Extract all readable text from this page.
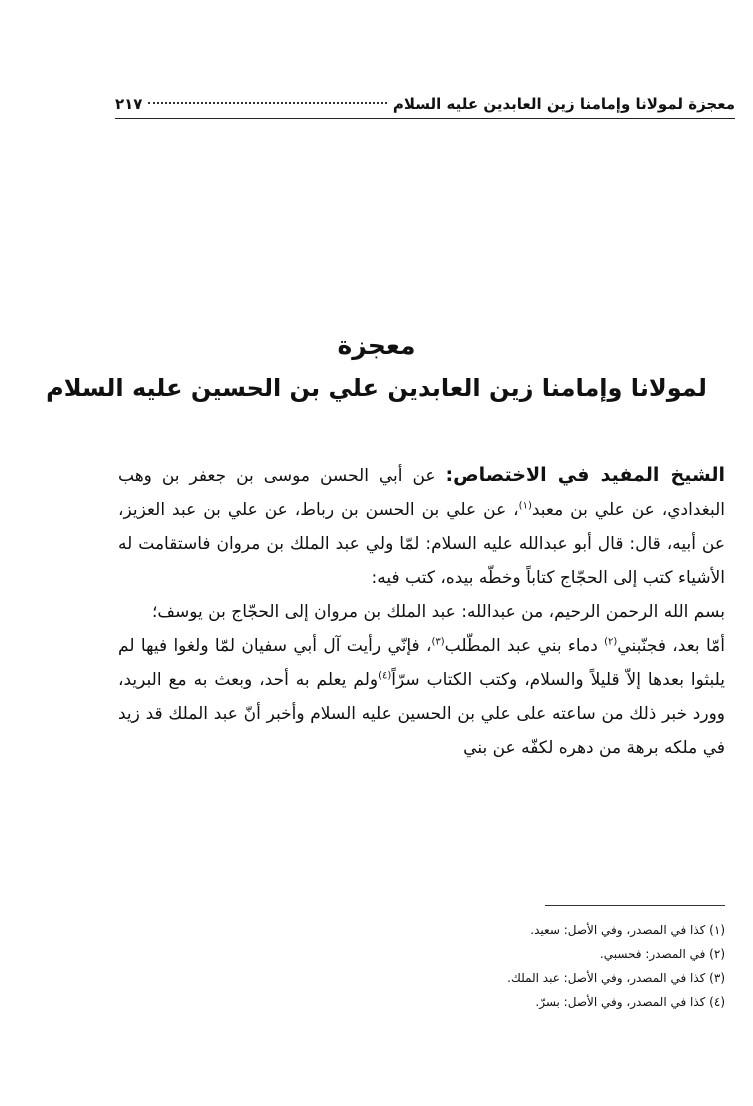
معجزة لمولانا وإمامنا زين العابدين عليه السلام
٢١٧
معجزة
لمولانا وإمامنا زين العابدين علي بن الحسين عليه السلام

الشيخ المفيد في الاختصاص: عن أبي الحسن موسى بن جعفر بن وهب البغدادي، عن علي بن معبد$^{(١)}$، عن علي بن الحسن بن رباط، عن علي بن عبد العزيز، عن أبيه، قال: قال أبو عبدالله عليه السلام: لمّا ولي عبد الملك بن مروان فاستقامت له الأشياء كتب إلى الحجّاج كتاباً وخطّه بيده، كتب فيه:

بسم الله الرحمن الرحيم، من عبدالله: عبد الملك بن مروان إلى الحجّاج بن يوسف؛

أمّا بعد، فجنّبني$^{(٢)}$ دماء بني عبد المطّلب$^{(٣)}$، فإنّي رأيت آل أبي سفيان لمّا ولغوا فيها لم يلبثوا بعدها إلاّ قليلاً والسلام، وكتب الكتاب سرّاً$^{(٤)}$ولم يعلم به أحد، وبعث به مع البريد، وورد خبر ذلك من ساعته على علي بن الحسين عليه السلام وأخبر أنّ عبد الملك قد زيد في ملكه برهة من دهره لكفّه عن بني

(١) كذا في المصدر، وفي الأصل: سعيد.
(٢) في المصدر: فحسبي.
(٣) كذا في المصدر، وفي الأصل: عبد الملك.
(٤) كذا في المصدر، وفي الأصل: بسرّ.
